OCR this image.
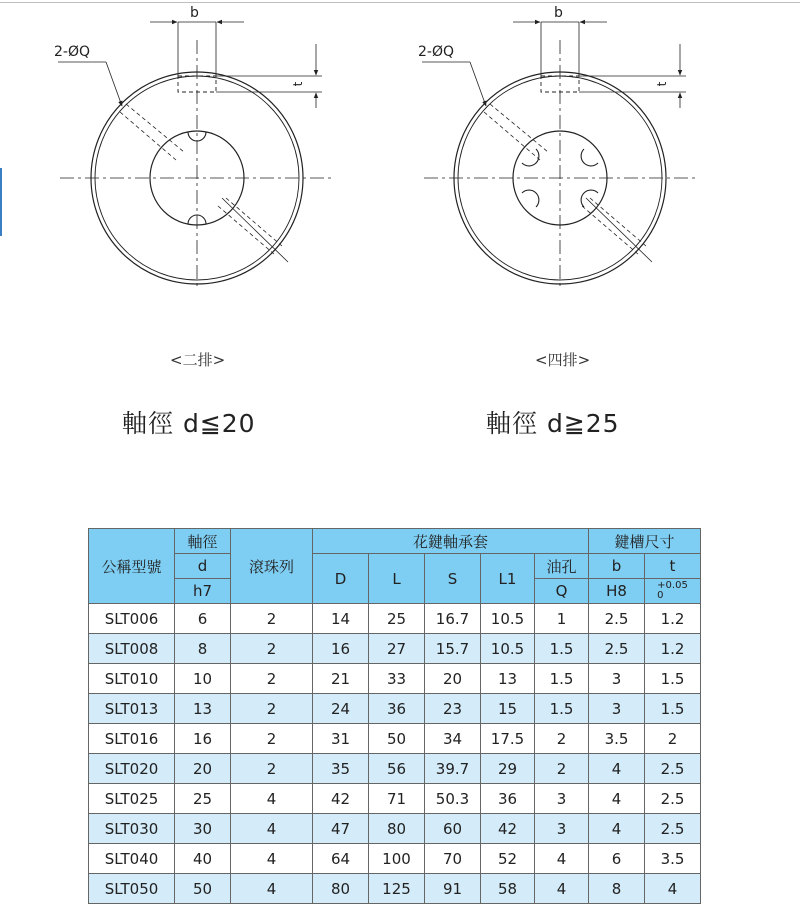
b
t
2-ØQ
b
t
2-ØQ
<二排>	<四排>
軸徑 d≦20	軸徑 d≧25
公稱型號	軸徑	滾珠列	花鍵軸承套					鍵槽尺寸	
	d		D	L	S	L1	油孔	b	t
	h7						Q	H8	+0.05
0
SLT006	6	2	14	25	16.7	10.5	1	2.5	1.2
SLT008	8	2	16	27	15.7	10.5	1.5	2.5	1.2
SLT010	10	2	21	33	20	13	1.5	3	1.5
SLT013	13	2	24	36	23	15	1.5	3	1.5
SLT016	16	2	31	50	34	17.5	2	3.5	2
SLT020	20	2	35	56	39.7	29	2	4	2.5
SLT025	25	4	42	71	50.3	36	3	4	2.5
SLT030	30	4	47	80	60	42	3	4	2.5
SLT040	40	4	64	100	70	52	4	6	3.5
SLT050	50	4	80	125	91	58	4	8	4
